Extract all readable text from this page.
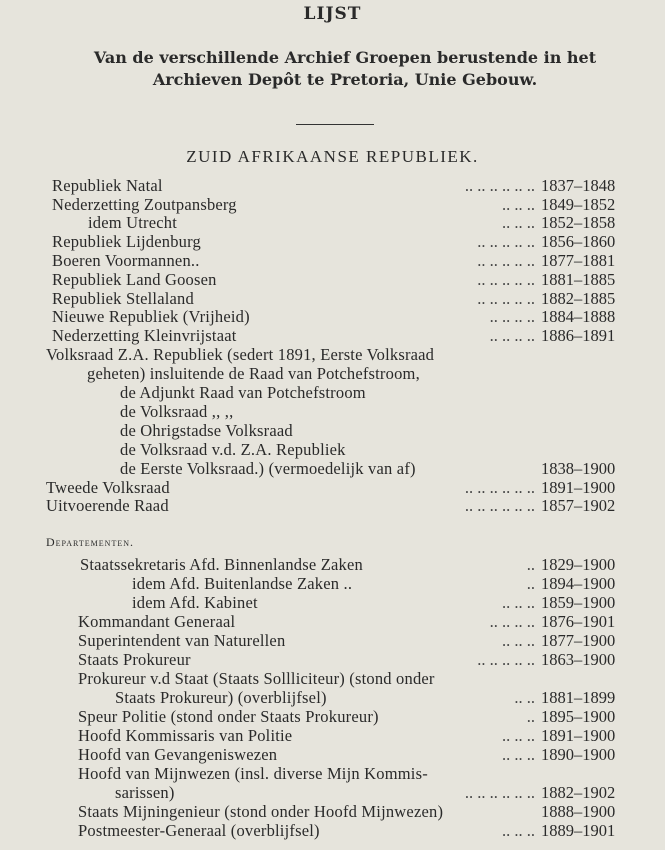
LIJST
Van de verschillende Archief Groepen berustende in het
Archieven Depôt te Pretoria, Unie Gebouw.
ZUID AFRIKAANSE REPUBLIEK.
Departementen.
Republiek Natal	.. .. .. .. .. .. 1837–1848
Nederzetting Zoutpansberg	.. .. .. 1849–1852
idem Utrecht	.. .. .. 1852–1858
Republiek Lijdenburg	.. .. .. .. .. 1856–1860
Boeren Voormannen..	.. .. .. .. .. 1877–1881
Republiek Land Goosen	.. .. .. .. .. 1881–1885
Republiek Stellaland	.. .. .. .. .. 1882–1885
Nieuwe Republiek (Vrijheid)	.. .. .. .. 1884–1888
Nederzetting Kleinvrijstaat	.. .. .. .. 1886–1891
Volksraad Z.A. Republiek (sedert 1891, Eerste Volksraad
geheten) insluitende de Raad van Potchefstroom,
de Adjunkt Raad van Potchefstroom
de Volksraad ,, ,,
de Ohrigstadse Volksraad
de Volksraad v.d. Z.A. Republiek
de Eerste Volksraad.) (vermoedelijk van af)	1838–1900
Tweede Volksraad	.. .. .. .. .. .. 1891–1900
Uitvoerende Raad	.. .. .. .. .. .. 1857–1902
Staatssekretaris Afd. Binnenlandse Zaken	.. 1829–1900
idem Afd. Buitenlandse Zaken ..	.. 1894–1900
idem Afd. Kabinet	.. .. .. 1859–1900
Kommandant Generaal	.. .. .. .. 1876–1901
Superintendent van Naturellen	.. .. .. 1877–1900
Staats Prokureur	.. .. .. .. .. 1863–1900
Prokureur v.d Staat (Staats Sollliciteur) (stond onder
Staats Prokureur) (overblijfsel)	.. .. 1881–1899
Speur Politie (stond onder Staats Prokureur)	.. 1895–1900
Hoofd Kommissaris van Politie	.. .. .. 1891–1900
Hoofd van Gevangeniswezen	.. .. .. 1890–1900
Hoofd van Mijnwezen (insl. diverse Mijn Kommis-
sarissen)	.. .. .. .. .. .. 1882–1902
Staats Mijningenieur (stond onder Hoofd Mijnwezen)	1888–1900
Postmeester-Generaal (overblijfsel)	.. .. .. 1889–1901
